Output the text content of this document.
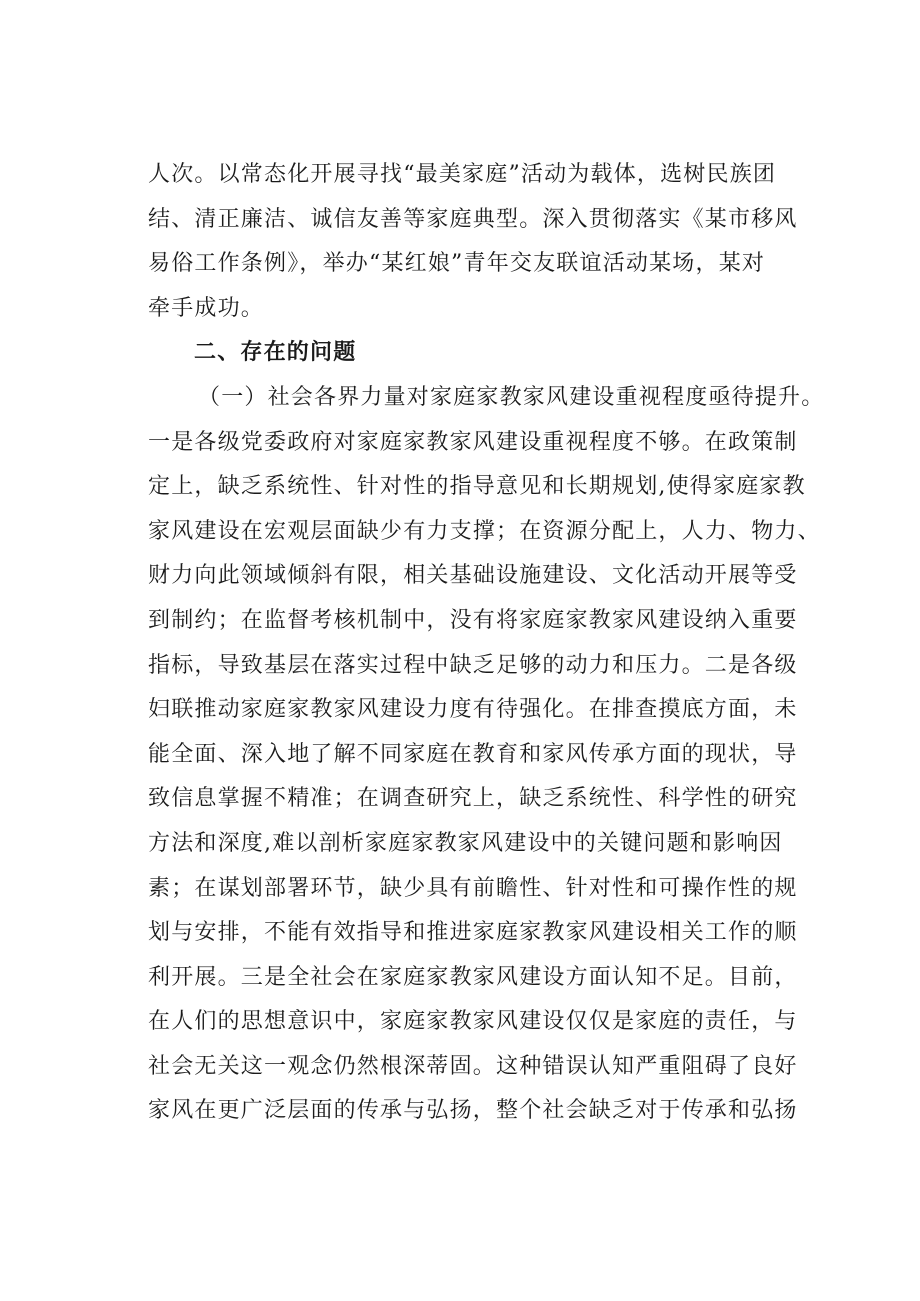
人次。以常态化开展寻找“最美家庭”活动为载体，选树民族团
结、清正廉洁、诚信友善等家庭典型。深入贯彻落实《某市移风
易俗工作条例》，举办“某红娘”青年交友联谊活动某场，某对
牵手成功。
二、存在的问题
（一）社会各界力量对家庭家教家风建设重视程度亟待提升。
一是各级党委政府对家庭家教家风建设重视程度不够。在政策制
定上，缺乏系统性、针对性的指导意见和长期规划,使得家庭家教
家风建设在宏观层面缺少有力支撑；在资源分配上，人力、物力、
财力向此领域倾斜有限，相关基础设施建设、文化活动开展等受
到制约；在监督考核机制中，没有将家庭家教家风建设纳入重要
指标，导致基层在落实过程中缺乏足够的动力和压力。二是各级
妇联推动家庭家教家风建设力度有待强化。在排查摸底方面，未
能全面、深入地了解不同家庭在教育和家风传承方面的现状，导
致信息掌握不精准；在调查研究上，缺乏系统性、科学性的研究
方法和深度,难以剖析家庭家教家风建设中的关键问题和影响因
素；在谋划部署环节，缺少具有前瞻性、针对性和可操作性的规
划与安排，不能有效指导和推进家庭家教家风建设相关工作的顺
利开展。三是全社会在家庭家教家风建设方面认知不足。目前，
在人们的思想意识中，家庭家教家风建设仅仅是家庭的责任，与
社会无关这一观念仍然根深蒂固。这种错误认知严重阻碍了良好
家风在更广泛层面的传承与弘扬，整个社会缺乏对于传承和弘扬
